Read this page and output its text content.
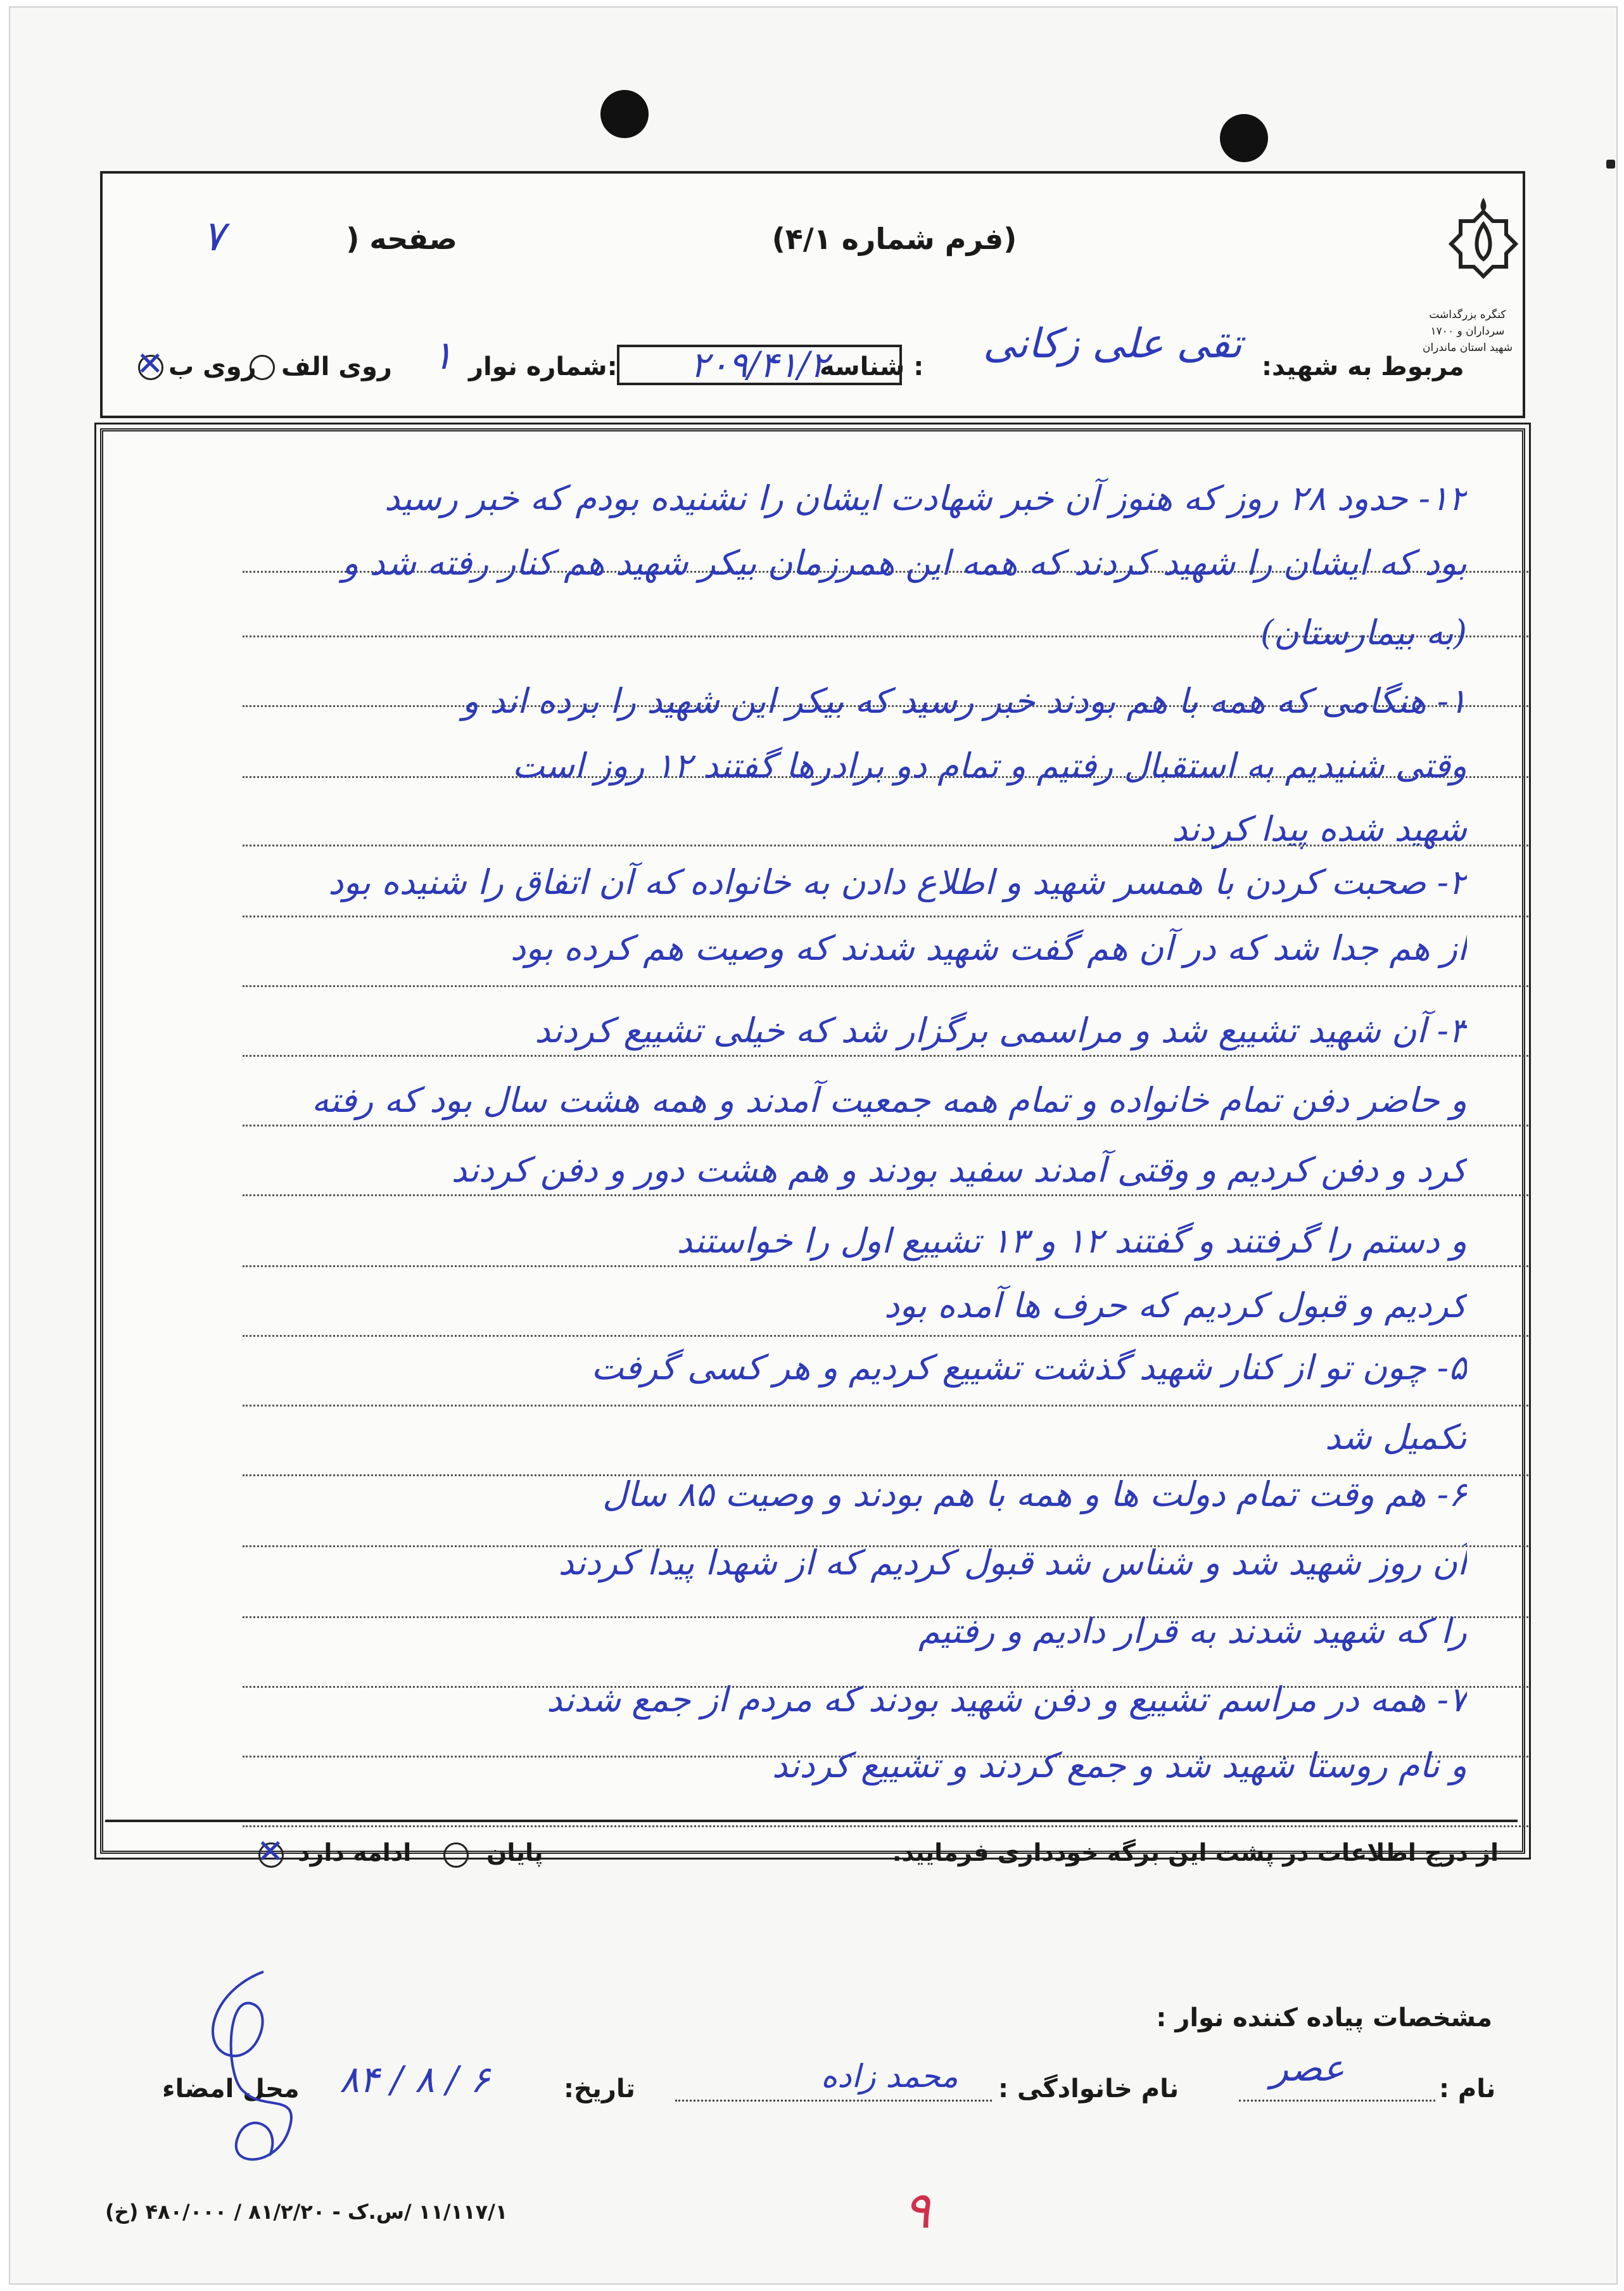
کنگره بزرگداشت سرداران و ۱۷۰۰ شهید استان ماندران
(فرم شماره ۴/۱)
۷	صفحه (
مربوط به شهید:
تقی علی زکانی
شناسه :
۲۰۹/۴۱/۲
شماره نوار:
۱
روی الف
روی ب
✕
۱۲- حدود ۲۸ روز که هنوز آن خبر شهادت ایشان را نشنیده بودم که خبر رسید
بود که ایشان را شهید کردند که همه این همرزمان بیکر شهید هم کنار رفته شد و
(به بیمارستان)
۱- هنگامی که همه با هم بودند خبر رسید که بیکر این شهید را برده اند و
وقتی شنیدیم به استقبال رفتیم و تمام دو برادرها گفتند ۱۲ روز است
شهید شده پیدا کردند
۲- صحبت کردن با همسر شهید و اطلاع دادن به خانواده که آن اتفاق را شنیده بود
از هم جدا شد که در آن هم گفت شهید شدند که وصیت هم کرده بود
۳- آن شهید تشییع شد و مراسمی برگزار شد که خیلی تشییع کردند
و حاضر دفن تمام خانواده و تمام همه جمعیت آمدند و همه هشت سال بود که رفته
کرد و دفن کردیم و وقتی آمدند سفید بودند و هم هشت دور و دفن کردند
و دستم را گرفتند و گفتند ۱۲ و ۱۳ تشییع اول را خواستند
کردیم و قبول کردیم که حرف ها آمده بود
۵- چون تو از کنار شهید گذشت تشییع کردیم و هر کسی گرفت
تکمیل شد
۶- هم وقت تمام دولت ها و همه با هم بودند و وصیت ۸۵ سال
آن روز شهید شد و شناس شد قبول کردیم که از شهدا پیدا کردند
را که شهید شدند به قرار دادیم و رفتیم
۷- همه در مراسم تشییع و دفن شهید بودند که مردم از جمع شدند
و نام روستا شهید شد و جمع کردند و تشییع کردند
از درج اطلاعات در پشت این برگه خودداری فرمایید.
پایان
ادامه دارد
✕
مشخصات پیاده کننده نوار :
نام :
عصر
نام خانوادگی :
محمد زاده
تاریخ:
۸۴ / ۸ / ۶
محل امضاء
۱۱/۱۱۷/۱ /س.ک - ۸۱/۲/۲۰ / ۴۸۰/۰۰۰ (خ)	۹
